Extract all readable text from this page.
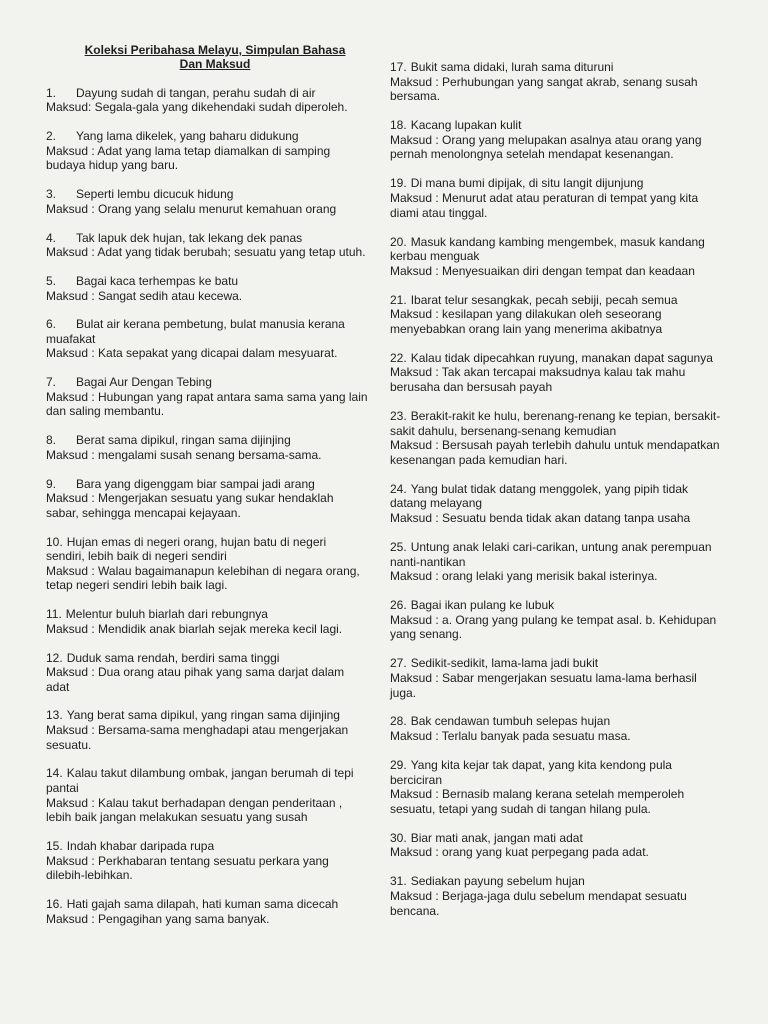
Koleksi Peribahasa Melayu, Simpulan Bahasa
Dan Maksud
1. Dayung sudah di tangan, perahu sudah di air
Maksud: Segala-gala yang dikehendaki sudah diperoleh.
2. Yang lama dikelek, yang baharu didukung
Maksud : Adat yang lama tetap diamalkan di samping budaya hidup yang baru.
3. Seperti lembu dicucuk hidung
Maksud : Orang yang selalu menurut kemahuan orang
4. Tak lapuk dek hujan, tak lekang dek panas
Maksud : Adat yang tidak berubah; sesuatu yang tetap utuh.
5. Bagai kaca terhempas ke batu
Maksud : Sangat sedih atau kecewa.
6. Bulat air kerana pembetung, bulat manusia kerana muafakat
Maksud : Kata sepakat yang dicapai dalam mesyuarat.
7. Bagai Aur Dengan Tebing
Maksud : Hubungan yang rapat antara sama sama yang lain dan saling membantu.
8. Berat sama dipikul, ringan sama dijinjing
Maksud : mengalami susah senang bersama-sama.
9. Bara yang digenggam biar sampai jadi arang
Maksud : Mengerjakan sesuatu yang sukar hendaklah sabar, sehingga mencapai kejayaan.
10. Hujan emas di negeri orang, hujan batu di negeri sendiri, lebih baik di negeri sendiri
Maksud : Walau bagaimanapun kelebihan di negara orang, tetap negeri sendiri lebih baik lagi.
11. Melentur buluh biarlah dari rebungnya
Maksud : Mendidik anak biarlah sejak mereka kecil lagi.
12. Duduk sama rendah, berdiri sama tinggi
Maksud : Dua orang atau pihak yang sama darjat dalam adat
13. Yang berat sama dipikul, yang ringan sama dijinjing
Maksud : Bersama-sama menghadapi atau mengerjakan sesuatu.
14. Kalau takut dilambung ombak, jangan berumah di tepi pantai
Maksud : Kalau takut berhadapan dengan penderitaan , lebih baik jangan melakukan sesuatu yang susah
15. Indah khabar daripada rupa
Maksud : Perkhabaran tentang sesuatu perkara yang dilebih-lebihkan.
16. Hati gajah sama dilapah, hati kuman sama dicecah
Maksud : Pengagihan yang sama banyak.
17. Bukit sama didaki, lurah sama dituruni
Maksud : Perhubungan yang sangat akrab, senang susah bersama.
18. Kacang lupakan kulit
Maksud : Orang yang melupakan asalnya atau orang yang pernah menolongnya setelah mendapat kesenangan.
19. Di mana bumi dipijak, di situ langit dijunjung
Maksud : Menurut adat atau peraturan di tempat yang kita diami atau tinggal.
20. Masuk kandang kambing mengembek, masuk kandang kerbau menguak
Maksud : Menyesuaikan diri dengan tempat dan keadaan
21. Ibarat telur sesangkak, pecah sebiji, pecah semua
Maksud : kesilapan yang dilakukan oleh seseorang menyebabkan orang lain yang menerima akibatnya
22. Kalau tidak dipecahkan ruyung, manakan dapat sagunya
Maksud : Tak akan tercapai maksudnya kalau tak mahu berusaha dan bersusah payah
23. Berakit-rakit ke hulu, berenang-renang ke tepian, bersakit-sakit dahulu, bersenang-senang kemudian
Maksud : Bersusah payah terlebih dahulu untuk mendapatkan kesenangan pada kemudian hari.
24. Yang bulat tidak datang menggolek, yang pipih tidak datang melayang
Maksud : Sesuatu benda tidak akan datang tanpa usaha
25. Untung anak lelaki cari-carikan, untung anak perempuan nanti-nantikan
Maksud : orang lelaki yang merisik bakal isterinya.
26. Bagai ikan pulang ke lubuk
Maksud : a. Orang yang pulang ke tempat asal. b. Kehidupan yang senang.
27. Sedikit-sedikit, lama-lama jadi bukit
Maksud : Sabar mengerjakan sesuatu lama-lama berhasil juga.
28. Bak cendawan tumbuh selepas hujan
Maksud : Terlalu banyak pada sesuatu masa.
29. Yang kita kejar tak dapat, yang kita kendong pula berciciran
Maksud : Bernasib malang kerana setelah memperoleh sesuatu, tetapi yang sudah di tangan hilang pula.
30. Biar mati anak, jangan mati adat
Maksud : orang yang kuat perpegang pada adat.
31. Sediakan payung sebelum hujan
Maksud : Berjaga-jaga dulu sebelum mendapat sesuatu bencana.
